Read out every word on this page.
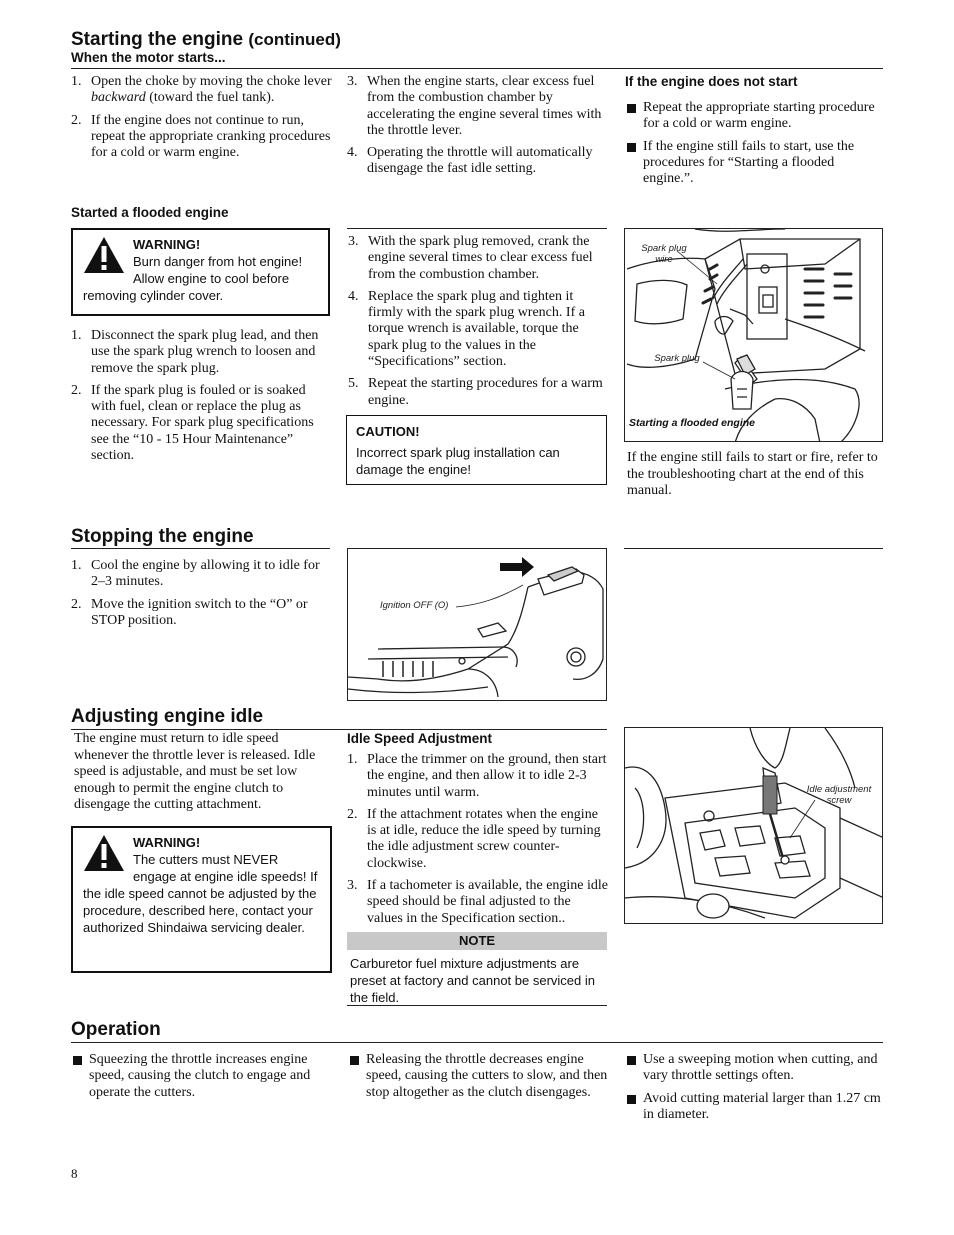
Starting the engine (continued)
When the motor starts...
1. Open the choke by moving the choke lever backward (toward the fuel tank).
2. If the engine does not continue to run, repeat the appropriate cranking procedures for a cold or warm engine.
3. When the engine starts, clear excess fuel from the combustion chamber by accelerating the engine several times with the throttle lever.
4. Operating the throttle will automatically disengage the fast idle setting.
If the engine does not start
Repeat the appropriate starting procedure for a cold or warm engine.
If the engine still fails to start, use the procedures for “Starting a flooded engine.”.
Started a flooded engine
WARNING!
Burn danger from hot engine! Allow engine to cool before removing cylinder cover.
1. Disconnect the spark plug lead, and then use the spark plug wrench to loosen and remove the spark plug.
2. If the spark plug is fouled or is soaked with fuel, clean or replace the plug as necessary. For spark plug specifications see the “10 - 15 Hour Maintenance” section.
3. With the spark plug removed, crank the engine several times to clear excess fuel from the combustion chamber.
4. Replace the spark plug and tighten it firmly with the spark plug wrench. If a torque wrench is available, torque the spark plug to the values in the “Specifications” section.
5. Repeat the starting procedures for a warm engine.
CAUTION!
Incorrect spark plug installation can damage the engine!
Spark plug wire
Spark plug
Starting a flooded engine
If the engine still fails to start or fire, refer to the troubleshooting chart at the end of this manual.
Stopping the engine
1. Cool the engine by allowing it to idle for 2–3 minutes.
2. Move the ignition switch to the “O” or STOP position.
Ignition OFF (O)
Adjusting engine idle
The engine must return to idle speed whenever the throttle lever is released. Idle speed is adjustable, and must be set low enough to permit the engine clutch to disengage the cutting attachment.
WARNING!
The cutters must NEVER engage at engine idle speeds! If the idle speed cannot be adjusted by the procedure, described here, contact your authorized Shindaiwa servicing dealer.
Idle Speed Adjustment
1. Place the trimmer on the ground, then start the engine, and then allow it to idle 2-3 minutes until warm.
2. If the attachment rotates when the engine is at idle, reduce the idle speed by turning the idle adjustment screw counter-clockwise.
3. If a tachometer is available, the engine idle speed should be final adjusted to the values in the Specification section..
NOTE
Carburetor fuel mixture adjustments are preset at factory and cannot be serviced in the field.
Idle adjustment screw
Operation
Squeezing the throttle increases engine speed, causing the clutch to engage and operate the cutters.
Releasing the throttle decreases engine speed, causing the cutters to slow, and then stop altogether as the clutch disengages.
Use a sweeping motion when cutting, and vary throttle settings often.
Avoid cutting material larger than 1.27 cm in diameter.
8
